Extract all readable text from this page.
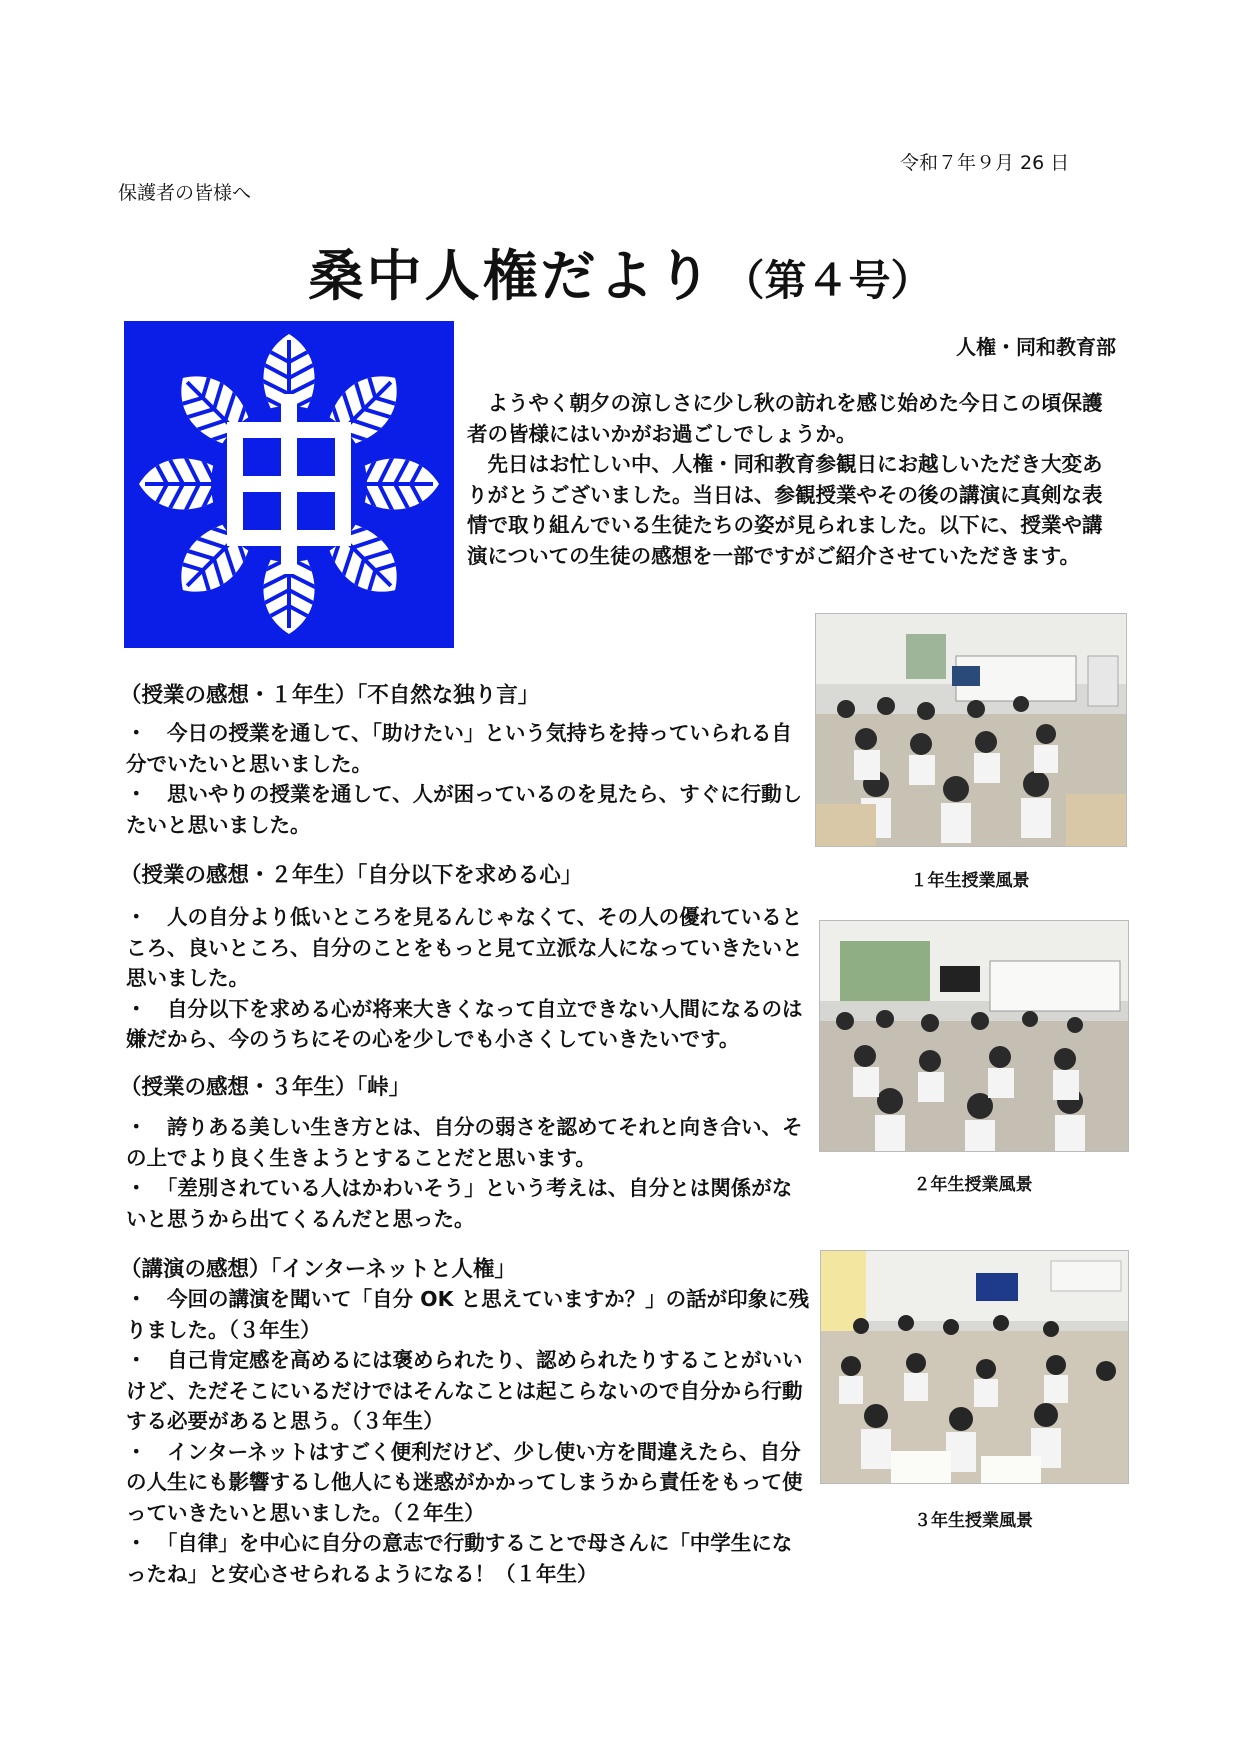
令和７年９月 26 日
保護者の皆様へ
桑中人権だより （第４号）
人権・同和教育部

ようやく朝夕の涼しさに少し秋の訪れを感じ始めた今日この頃保護者の皆様にはいかがお過ごしでしょうか。

先日はお忙しい中、人権・同和教育参観日にお越しいただき大変ありがとうございました。当日は、参観授業やその後の講演に真剣な表情で取り組んでいる生徒たちの姿が見られました。以下に、授業や講演についての生徒の感想を一部ですがご紹介させていただきます。

（授業の感想・１年生）「不自然な独り言」
・　今日の授業を通して、「助けたい」という気持ちを持っていられる自分でいたいと思いました。
・　思いやりの授業を通して、人が困っているのを見たら、すぐに行動したいと思いました。
（授業の感想・２年生）「自分以下を求める心」
・　人の自分より低いところを見るんじゃなくて、その人の優れているところ、良いところ、自分のことをもっと見て立派な人になっていきたいと思いました。
・　自分以下を求める心が将来大きくなって自立できない人間になるのは嫌だから、今のうちにその心を少しでも小さくしていきたいです。
（授業の感想・３年生）「峠」
・　誇りある美しい生き方とは、自分の弱さを認めてそれと向き合い、その上でより良く生きようとすることだと思います。
・　「差別されている人はかわいそう」という考えは、自分とは関係がないと思うから出てくるんだと思った。
（講演の感想）「インターネットと人権」
・　今回の講演を聞いて「自分 OK と思えていますか？」の話が印象に残りました。（３年生）
・　自己肯定感を高めるには褒められたり、認められたりすることがいいけど、ただそこにいるだけではそんなことは起こらないので自分から行動する必要があると思う。（３年生）
・　インターネットはすごく便利だけど、少し使い方を間違えたら、自分の人生にも影響するし他人にも迷惑がかかってしまうから責任をもって使っていきたいと思いました。（２年生）
・　「自律」を中心に自分の意志で行動することで母さんに「中学生になったね」と安心させられるようになる！（１年生）
１年生授業風景
２年生授業風景
３年生授業風景
